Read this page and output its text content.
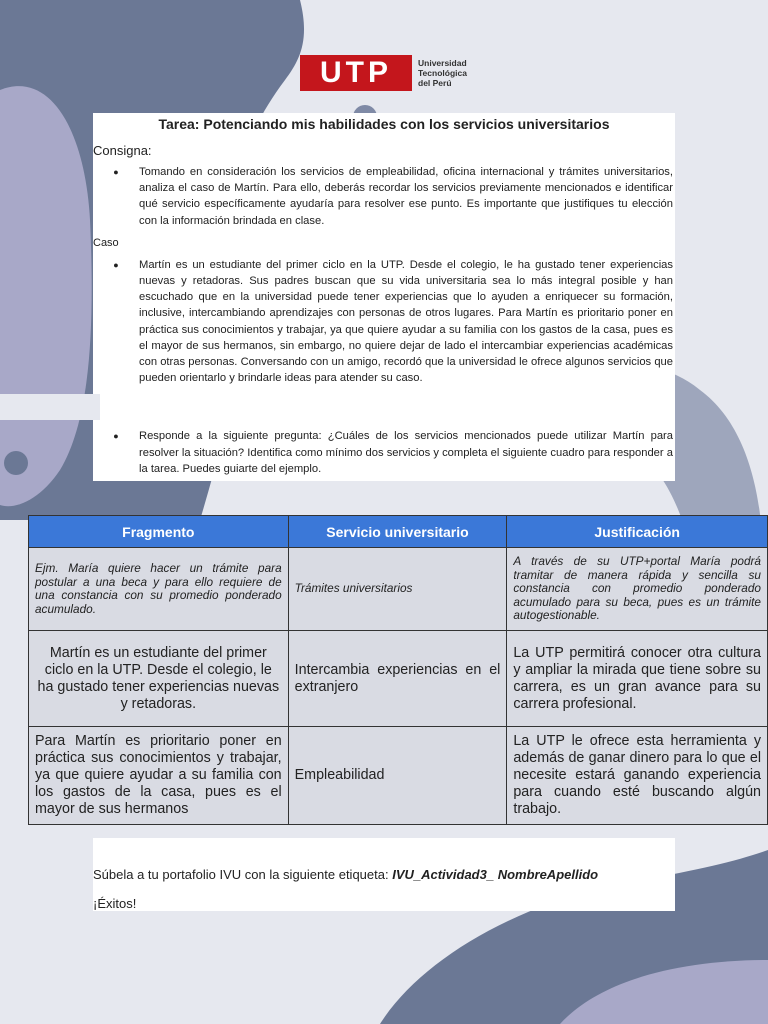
UTP	Universidad
Tecnológica
del Perú
Tarea: Potenciando mis habilidades con los servicios universitarios
Consigna:
●	Tomando en consideración los servicios de empleabilidad, oficina internacional y trámites universitarios, analiza el caso de Martín. Para ello, deberás recordar los servicios previamente mencionados e identificar qué servicio específicamente ayudaría para resolver ese punto. Es importante que justifiques tu elección con la información brindada en clase.

Caso
●	Martín es un estudiante del primer ciclo en la UTP. Desde el colegio, le ha gustado tener experiencias nuevas y retadoras. Sus padres buscan que su vida universitaria sea lo más integral posible y han escuchado que en la universidad puede tener experiencias que lo ayuden a enriquecer su formación, inclusive, intercambiando aprendizajes con personas de otros lugares. Para Martín es prioritario poner en práctica sus conocimientos y trabajar, ya que quiere ayudar a su familia con los gastos de la casa, pues es el mayor de sus hermanos, sin embargo, no quiere dejar de lado el intercambiar experiencias académicas con otras personas. Conversando con un amigo, recordó que la universidad le ofrece algunos servicios que pueden orientarlo y brindarle ideas para atender su caso.

●	Responde a la siguiente pregunta: ¿Cuáles de los servicios mencionados puede utilizar Martín para resolver la situación? Identifica como mínimo dos servicios y completa el siguiente cuadro para responder a la tarea. Puedes guiarte del ejemplo.

Fragmento	Servicio universitario	Justificación
Ejm. María quiere hacer un trámite para postular a una beca y para ello requiere de una constancia con su promedio ponderado acumulado.	Trámites universitarios	A través de su UTP+portal María podrá tramitar de manera rápida y sencilla su constancia con promedio ponderado acumulado para su beca, pues es un trámite autogestionable.
Martín es un estudiante del primer ciclo en la UTP. Desde el colegio, le ha gustado tener experiencias nuevas y retadoras.	Intercambia experiencias en el extranjero	La UTP permitirá conocer otra cultura y ampliar la mirada que tiene sobre su carrera, es un gran avance para su carrera profesional.
Para Martín es prioritario poner en práctica sus conocimientos y trabajar, ya que quiere ayudar a su familia con los gastos de la casa, pues es el mayor de sus hermanos	Empleabilidad	La UTP le ofrece esta herramienta y además de ganar dinero para lo que el necesite estará ganando experiencia para cuando esté buscando algún trabajo.
Súbela a tu portafolio IVU con la siguiente etiqueta: IVU_Actividad3_ NombreApellido
¡Éxitos!
